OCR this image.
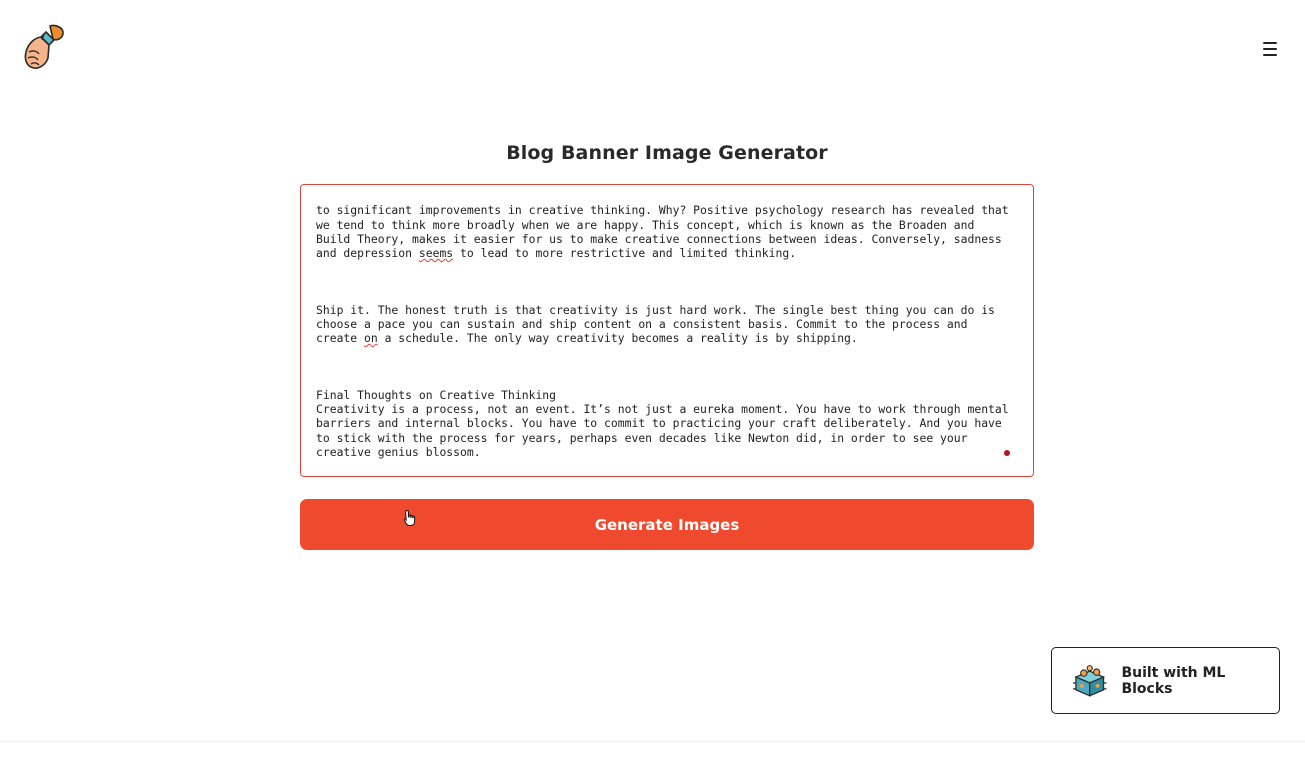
Blog Banner Image Generator

to significant improvements in creative thinking. Why? Positive psychology research has revealed that we tend to think more broadly when we are happy. This concept, which is known as the Broaden and Build Theory, makes it easier for us to make creative connections between ideas. Conversely, sadness and depression seems to lead to more restrictive and limited thinking.

Ship it. The honest truth is that creativity is just hard work. The single best thing you can do is choose a pace you can sustain and ship content on a consistent basis. Commit to the process and create on a schedule. The only way creativity becomes a reality is by shipping.

Final Thoughts on Creative Thinking
Creativity is a process, not an event. It’s not just a eureka moment. You have to work through mental barriers and internal blocks. You have to commit to practicing your craft deliberately. And you have to stick with the process for years, perhaps even decades like Newton did, in order to see your creative genius blossom.

Generate Images
Built with ML Blocks
